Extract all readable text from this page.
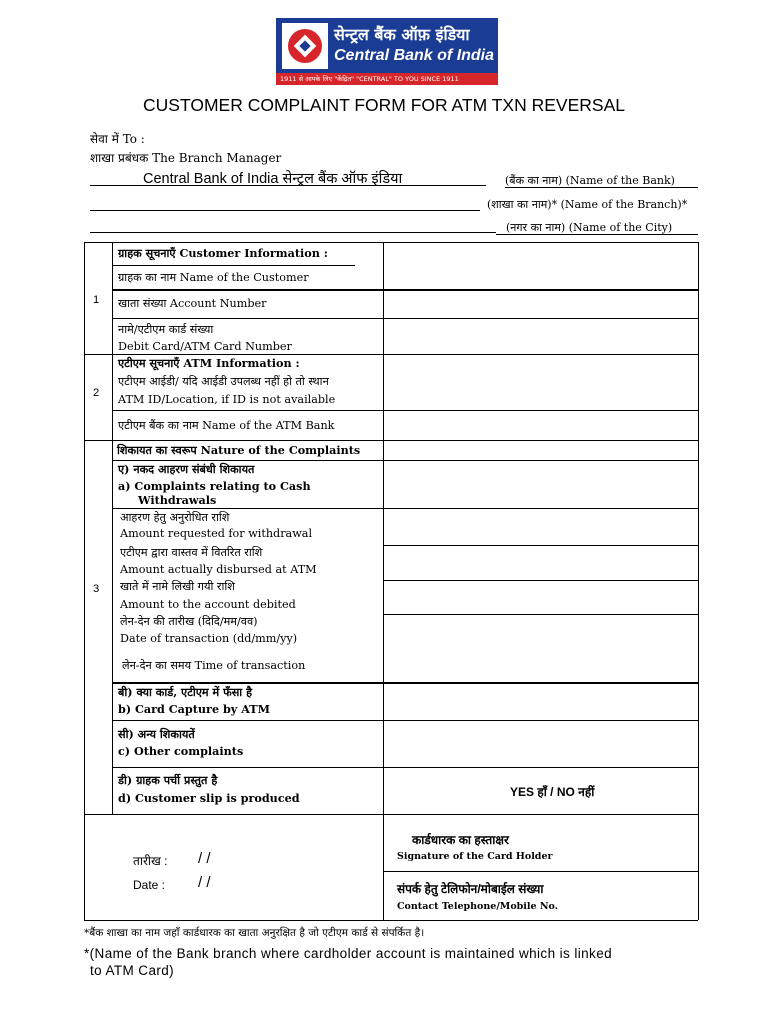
सेन्ट्रल बैंक ऑफ़ इंडिया
Central Bank of India
1911 से आपके लिए "केंद्रित" "CENTRAL" TO YOU SINCE 1911
CUSTOMER COMPLAINT FORM FOR ATM TXN REVERSAL
सेवा में To :
शाखा प्रबंधक The Branch Manager
Central Bank of India सेन्ट्रल बैंक ऑफ इंडिया	(बैंक का नाम) (Name of the Bank)
(शाखा का नाम)* (Name of the Branch)*
(नगर का नाम) (Name of the City)
1
2
3
ग्राहक सूचनाएँ Customer Information :
ग्राहक का नाम Name of the Customer
खाता संख्या Account Number
नामे/एटीएम कार्ड संख्या
Debit Card/ATM Card Number
एटीएम सूचनाएँ ATM Information :
एटीएम आईडी/ यदि आईडी उपलब्ध नहीं हो तो स्थान
ATM ID/Location, if ID is not available
एटीएम बैंक का नाम Name of the ATM Bank
शिकायत का स्वरूप Nature of the Complaints
ए) नकद आहरण संबंधी शिकायत
a) Complaints relating to Cash
Withdrawals
आहरण हेतु अनुरोधित राशि
Amount requested for withdrawal
एटीएम द्वारा वास्तव में वितरित राशि
Amount actually disbursed at ATM
खाते में नामे लिखी गयी राशि
Amount to the account debited
लेन-देन की तारीख (दिदि/मम/वव)
Date of transaction (dd/mm/yy)
लेन-देन का समय Time of transaction
बी) क्या कार्ड, एटीएम में फँसा है
b) Card Capture by ATM
सी) अन्य शिकायतें
c) Other complaints
डी) ग्राहक पर्ची प्रस्तुत है
d) Customer slip is produced	YES हाँ / NO नहीं
तारीख : / /
Date : / /
कार्डधारक का हस्ताक्षर
Signature of the Card Holder
संपर्क हेतु टेलिफोन/मोबाईल संख्या
Contact Telephone/Mobile No.
*बैंक शाखा का नाम जहाँ कार्डधारक का खाता अनुरक्षित है जो एटीएम कार्ड से संपर्कित है।
*(Name of the Bank branch where cardholder account is maintained which is linked
to ATM Card)
